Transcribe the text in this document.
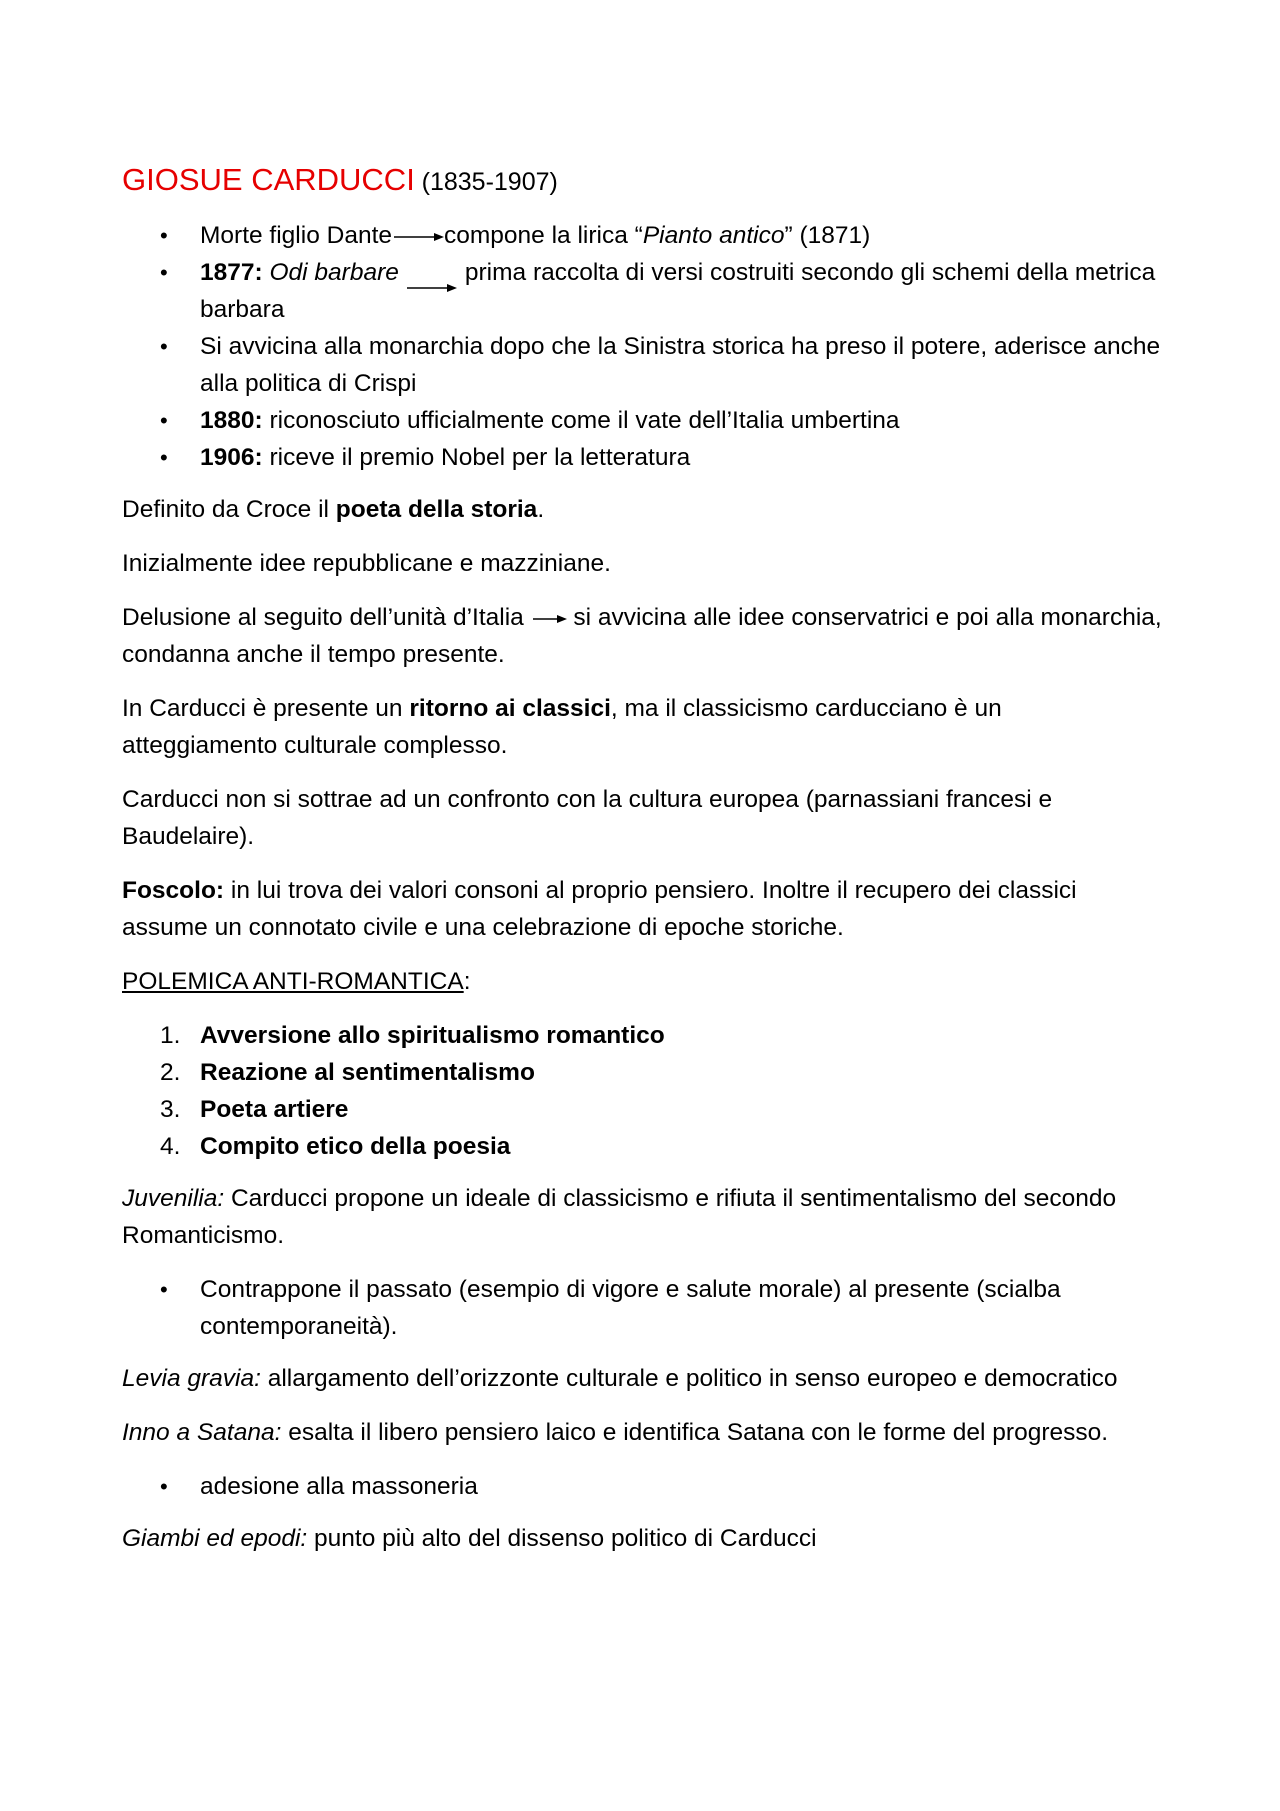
GIOSUE CARDUCCI (1835-1907)
• Morte figlio Dante compone la lirica “Pianto antico” (1871)
• 1877: Odi barbare	prima raccolta di versi costruiti secondo gli schemi della metrica barbara
• Si avvicina alla monarchia dopo che la Sinistra storica ha preso il potere, aderisce anche alla politica di Crispi
• 1880: riconosciuto ufficialmente come il vate dell’Italia umbertina
• 1906: riceve il premio Nobel per la letteratura

Definito da Croce il poeta della storia.

Inizialmente idee repubblicane e mazziniane.

Delusione al seguito dell’unità d’Italia si avvicina alle idee conservatrici e poi alla monarchia, condanna anche il tempo presente.

In Carducci è presente un ritorno ai classici, ma il classicismo carducciano è un atteggiamento culturale complesso.

Carducci non si sottrae ad un confronto con la cultura europea (parnassiani francesi e Baudelaire).

Foscolo: in lui trova dei valori consoni al proprio pensiero. Inoltre il recupero dei classici assume un connotato civile e una celebrazione di epoche storiche.

POLEMICA ANTI-ROMANTICA:

1. Avversione allo spiritualismo romantico
2. Reazione al sentimentalismo
3. Poeta artiere
4. Compito etico della poesia

Juvenilia: Carducci propone un ideale di classicismo e rifiuta il sentimentalismo del secondo Romanticismo.

• Contrappone il passato (esempio di vigore e salute morale) al presente (scialba contemporaneità).

Levia gravia: allargamento dell’orizzonte culturale e politico in senso europeo e democratico

Inno a Satana: esalta il libero pensiero laico e identifica Satana con le forme del progresso.

• adesione alla massoneria

Giambi ed epodi: punto più alto del dissenso politico di Carducci
